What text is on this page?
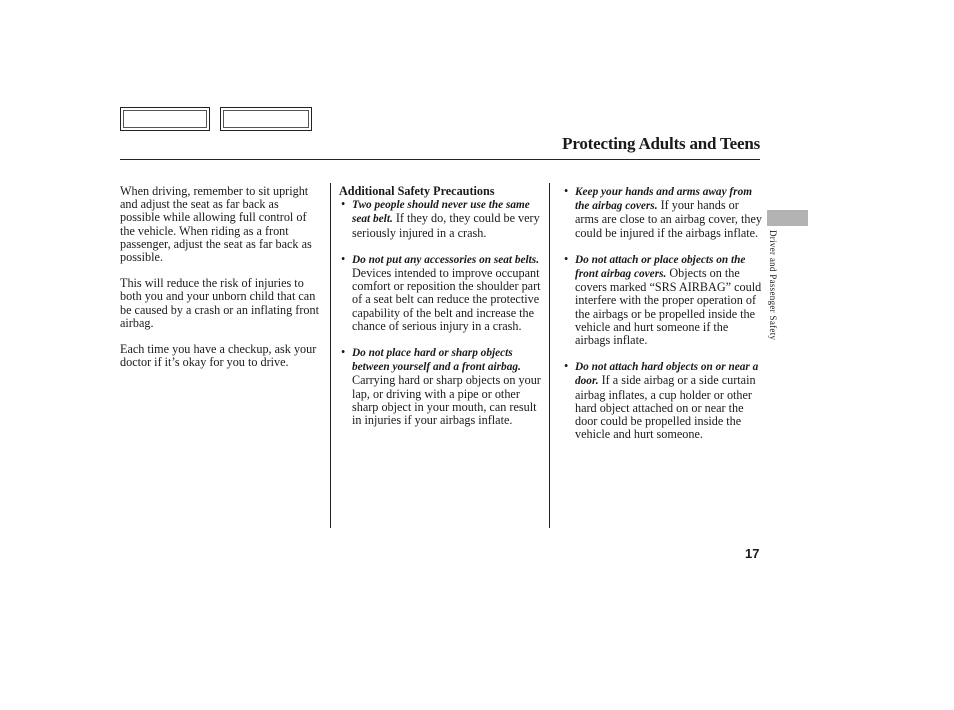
Protecting Adults and Teens

When driving, remember to sit upright and adjust the seat as far back as possible while allowing full control of the vehicle. When riding as a front passenger, adjust the seat as far back as possible.

This will reduce the risk of injuries to both you and your unborn child that can be caused by a crash or an inflating front airbag.

Each time you have a checkup, ask your doctor if it’s okay for you to drive.

Additional Safety Precautions

• Two people should never use the same seat belt. If they do, they could be very seriously injured in a crash.
• Do not put any accessories on seat belts. Devices intended to improve occupant comfort or reposition the shoulder part of a seat belt can reduce the protective capability of the belt and increase the chance of serious injury in a crash.
• Do not place hard or sharp objects between yourself and a front airbag. Carrying hard or sharp objects on your lap, or driving with a pipe or other sharp object in your mouth, can result in injuries if your airbags inflate.
• Keep your hands and arms away from the airbag covers. If your hands or arms are close to an airbag cover, they could be injured if the airbags inflate.
• Do not attach or place objects on the front airbag covers. Objects on the covers marked “SRS AIRBAG” could interfere with the proper operation of the airbags or be propelled inside the vehicle and hurt someone if the airbags inflate.
• Do not attach hard objects on or near a door. If a side airbag or a side curtain airbag inflates, a cup holder or other hard object attached on or near the door could be propelled inside the vehicle and hurt someone.
Driver and Passenger Safety
17
